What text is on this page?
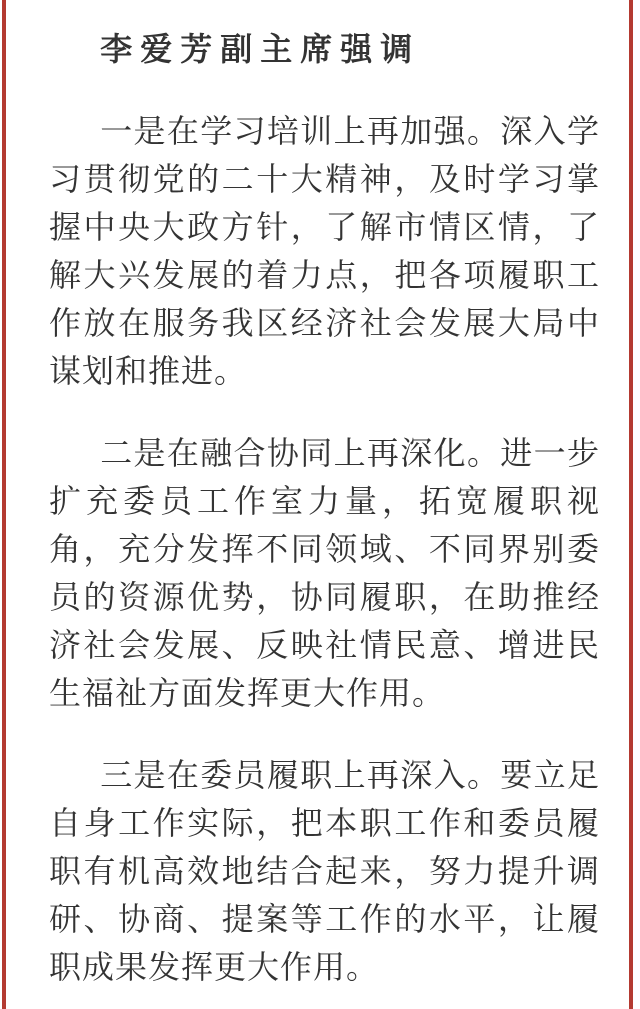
李爱芳副主席强调

一是在学习培训上再加强。深入学习贯彻党的二十大精神，及时学习掌握中央大政方针，了解市情区情，了解大兴发展的着力点，把各项履职工作放在服务我区经济社会发展大局中谋划和推进。

二是在融合协同上再深化。进一步扩充委员工作室力量，拓宽履职视角，充分发挥不同领域、不同界别委员的资源优势，协同履职，在助推经济社会发展、反映社情民意、增进民生福祉方面发挥更大作用。

三是在委员履职上再深入。要立足自身工作实际，把本职工作和委员履职有机高效地结合起来，努力提升调研、协商、提案等工作的水平，让履职成果发挥更大作用。
